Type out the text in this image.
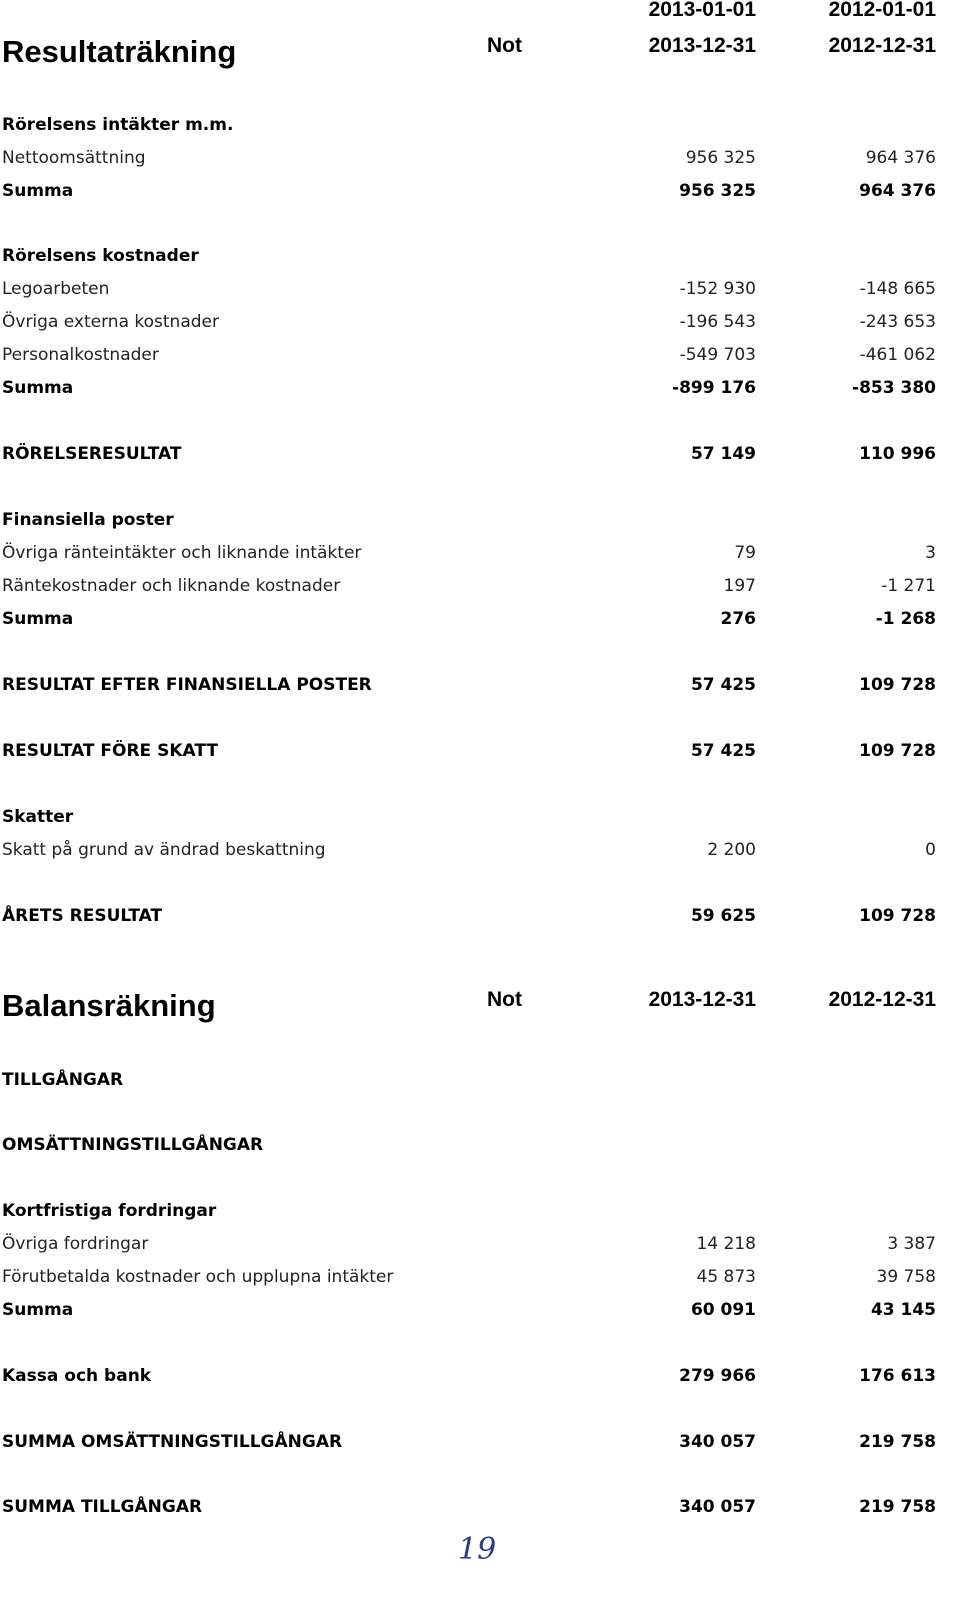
2013-01-01	2012-01-01
Resultaträkning	Not	2013-12-31	2012-12-31
Rörelsens intäkter m.m.
Nettoomsättning	956 325	964 376
Summa	956 325	964 376
Rörelsens kostnader
Legoarbeten	-152 930	-148 665
Övriga externa kostnader	-196 543	-243 653
Personalkostnader	-549 703	-461 062
Summa	-899 176	-853 380
RÖRELSERESULTAT	57 149	110 996
Finansiella poster
Övriga ränteintäkter och liknande intäkter	79	3
Räntekostnader och liknande kostnader	197	-1 271
Summa	276	-1 268
RESULTAT EFTER FINANSIELLA POSTER	57 425	109 728
RESULTAT FÖRE SKATT	57 425	109 728
Skatter
Skatt på grund av ändrad beskattning	2 200	0
ÅRETS RESULTAT	59 625	109 728
Balansräkning	Not	2013-12-31	2012-12-31
TILLGÅNGAR
OMSÄTTNINGSTILLGÅNGAR
Kortfristiga fordringar
Övriga fordringar	14 218	3 387
Förutbetalda kostnader och upplupna intäkter	45 873	39 758
Summa	60 091	43 145
Kassa och bank	279 966	176 613
SUMMA OMSÄTTNINGSTILLGÅNGAR	340 057	219 758
SUMMA TILLGÅNGAR	340 057	219 758
19
